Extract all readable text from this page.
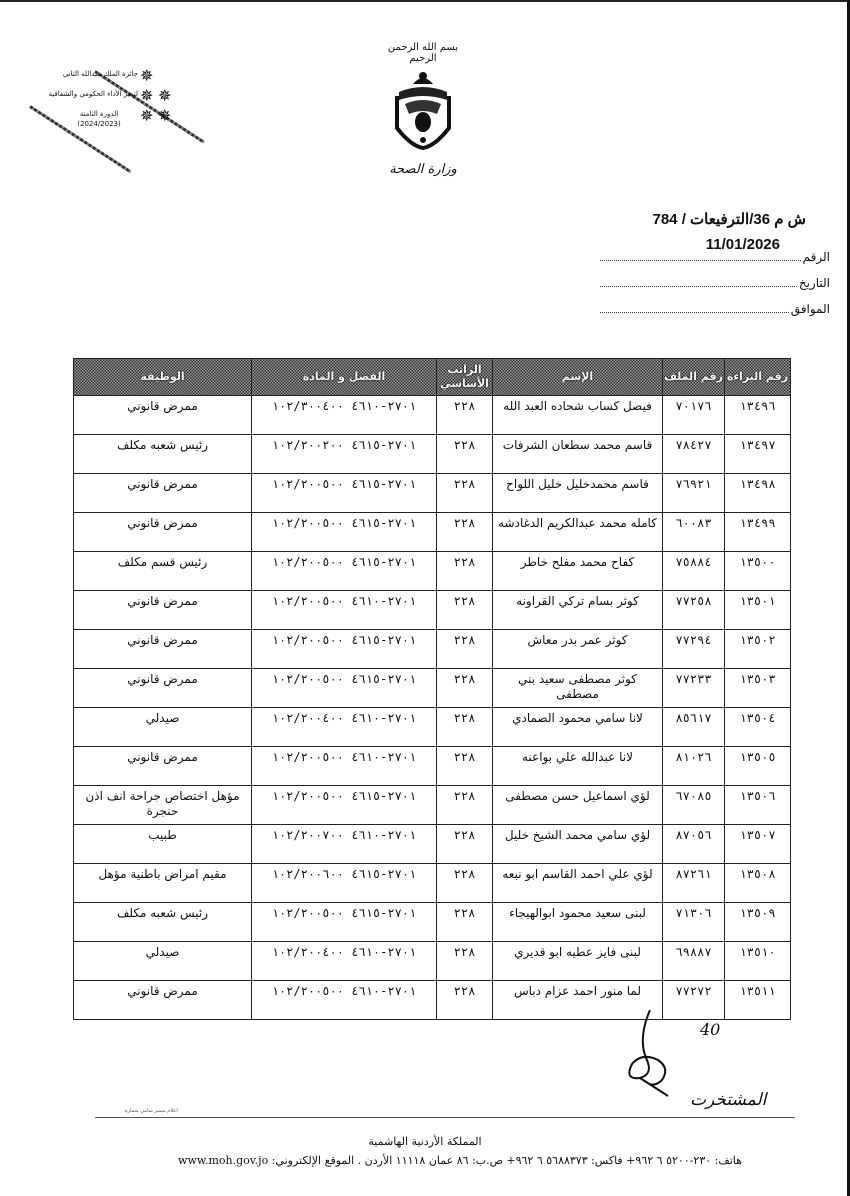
✵
✵ ✵
✵ ✵
جائزة الملك عبدالله الثاني
لتميز الأداء الحكومي والشفافية
الدورة الثامنة
(2024/2023)
بسم الله الرحمن الرحيم
وزارة الصحة
ش م 36/الترفيعات / 784
11/01/2026
الرقم
التاريخ
الموافق
رقم البراءة	رقم الملف	الإسم	الراتب الأساسي	الفصل و المادة	الوظيفة
١٣٤٩٦	٧٠١٧٦	فيصل كساب شحاده العبد الله	٢٢٨	٢٧٠١-٤٦١٠ ١٠٢/٣٠٠٤٠٠	ممرض قانوني
١٣٤٩٧	٧٨٤٢٧	قاسم محمد سطعان الشرفات	٢٢٨	٢٧٠١-٤٦١٥ ١٠٢/٢٠٠٢٠٠	رئيس شعبه مكلف
١٣٤٩٨	٧٦٩٢١	قاسم محمدخليل خليل اللواح	٢٢٨	٢٧٠١-٤٦١٥ ١٠٢/٢٠٠٥٠٠	ممرض قانوني
١٣٤٩٩	٦٠٠٨٣	كامله محمد عبدالكريم الدغادشه	٢٢٨	٢٧٠١-٤٦١٥ ١٠٢/٢٠٠٥٠٠	ممرض قانوني
١٣٥٠٠	٧٥٨٨٤	كفاح محمد مفلح خاطر	٢٢٨	٢٧٠١-٤٦١٥ ١٠٢/٢٠٠٥٠٠	رئيس قسم مكلف
١٣٥٠١	٧٧٢٥٨	كوثر بسام تركي القراونه	٢٢٨	٢٧٠١-٤٦١٠ ١٠٢/٢٠٠٥٠٠	ممرض قانوني
١٣٥٠٢	٧٧٢٩٤	كوثر عمر بدر معاش	٢٢٨	٢٧٠١-٤٦١٥ ١٠٢/٢٠٠٥٠٠	ممرض قانوني
١٣٥٠٣	٧٧٢٣٣	كوثر مصطفى سعيد بني مصطفى	٢٢٨	٢٧٠١-٤٦١٥ ١٠٢/٢٠٠٥٠٠	ممرض قانوني
١٣٥٠٤	٨٥٦١٧	لانا سامي محمود الصمادي	٢٢٨	٢٧٠١-٤٦١٠ ١٠٢/٢٠٠٤٠٠	صيدلي
١٣٥٠٥	٨١٠٢٦	لانا عبدالله علي بواعنه	٢٢٨	٢٧٠١-٤٦١٠ ١٠٢/٢٠٠٥٠٠	ممرض قانوني
١٣٥٠٦	٦٧٠٨٥	لؤي اسماعيل حسن مصطفى	٢٢٨	٢٧٠١-٤٦١٥ ١٠٢/٢٠٠٥٠٠	مؤهل اختصاص جراحة انف اذن حنجرة
١٣٥٠٧	٨٧٠٥٦	لؤي سامي محمد الشيخ خليل	٢٢٨	٢٧٠١-٤٦١٠ ١٠٢/٢٠٠٧٠٠	طبيب
١٣٥٠٨	٨٧٢٦١	لؤي علي احمد القاسم ابو نبعه	٢٢٨	٢٧٠١-٤٦١٥ ١٠٢/٢٠٠٦٠٠	مقيم امراض باطنية مؤهل
١٣٥٠٩	٧١٣٠٦	لبنى سعيد محمود ابوالهيجاء	٢٢٨	٢٧٠١-٤٦١٥ ١٠٢/٢٠٠٥٠٠	رئيس شعبه مكلف
١٣٥١٠	٦٩٨٨٧	لبنى فايز عطيه ابو قديري	٢٢٨	٢٧٠١-٤٦١٠ ١٠٢/٢٠٠٤٠٠	صيدلي
١٣٥١١	٧٧٢٧٢	لما منور احمد عزام دباس	٢٢٨	٢٧٠١-٤٦١٠ ١٠٢/٢٠٠٥٠٠	ممرض قانوني
40
المشتخرت
اعلام سمير سامي سمارة
المملكة الأردنية الهاشمية
هاتف: ٢٣٠-٥٢٠٠ ٦ ٩٦٢+ فاكس: ٥٦٨٨٣٧٣ ٦ ٩٦٢+ ص.ب: ٨٦ عمان ١١١١٨ الأردن . الموقع الإلكتروني: www.moh.gov.jo
